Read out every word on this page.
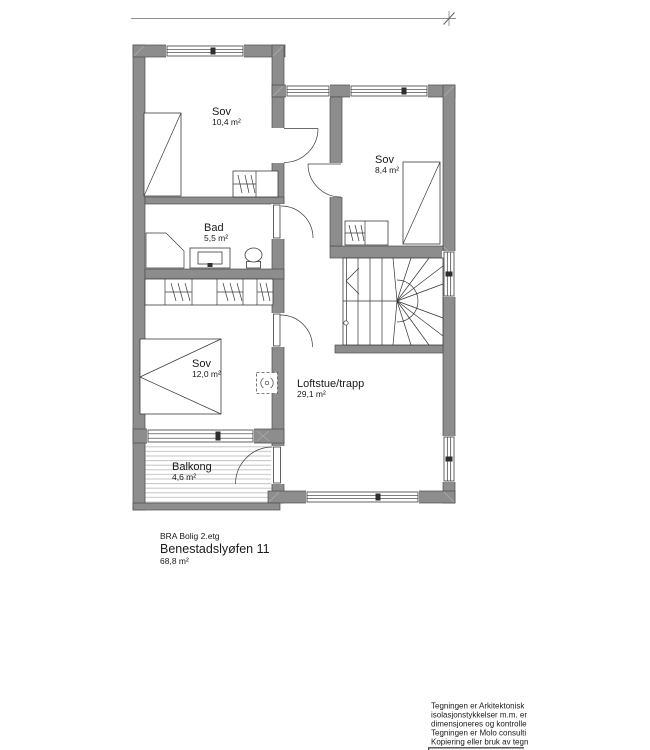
Sov
10,4 m²
Sov
8,4 m²
Bad
5,5 m²
Sov
12,0 m²
Loftstue/trapp
29,1 m²
Balkong
4,6 m²
BRA Bolig 2.etg
Benestadslyøfen 11
68,8 m²
Tegningen er Arkitektonisk
isolasjonstykkelser m.m. er
dimensjoneres og kontrolle
Tegningen er Molo consulti
Kopiering eller bruk av tegn
